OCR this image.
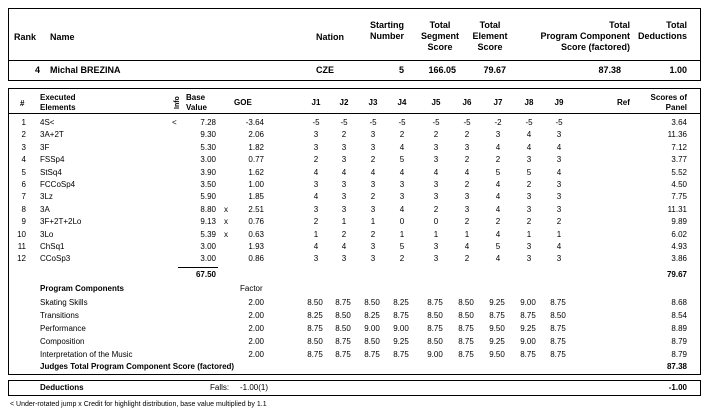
Rank Name	Nation
Starting
Number
Total
Segment
Score
Total
Element
Score
Total
Program Component
Score (factored)
Total
Deductions
4 Michal BREZINA	CZE	5	166.05	79.67	87.38	1.00
#
Executed
Elements	Info Base
Value
GOE	J1	J2	J3	J4	J5	J6	J7	J8	J9	Ref
Scores of
Panel
1 4S<	<	7.28	-3.64	-5	-5	-5	-5	-5	-5	-2	-5	-5	3.64
2 3A+2T	9.30	2.06	3	2	3	2	2	2	3	4	3	11.36
3 3F	5.30	1.82	3	3	3	4	3	3	4	4	4	7.12
4 FSSp4	3.00	0.77	2	3	2	5	3	2	2	3	3	3.77
5 StSq4	3.90	1.62	4	4	4	4	4	4	5	5	4	5.52
6 FCCoSp4	3.50	1.00	3	3	3	3	3	2	4	2	3	4.50
7 3Lz	5.90	1.85	4	3	2	3	3	3	4	3	3	7.75
8 3A	8.80 x	2.51	3	3	3	4	2	3	4	3	3	11.31
9 3F+2T+2Lo	9.13 x	0.76	2	1	1	0	0	2	2	2	2	9.89
10 3Lo	5.39 x	0.63	1	2	2	1	1	1	4	1	1	6.02
11 ChSq1	3.00	1.93	4	4	3	5	3	4	5	3	4	4.93
12 CCoSp3	3.00	0.86	3	3	3	2	3	2	4	3	3	3.86
67.50	79.67
Program Components	Factor
Skating Skills	2.00	8.50	8.75	8.50	8.25	8.75	8.50	9.25	9.00	8.75	8.68
Transitions	2.00	8.25	8.50	8.25	8.75	8.50	8.50	8.75	8.75	8.50	8.54
Performance	2.00	8.75	8.50	9.00	9.00	8.75	8.75	9.50	9.25	8.75	8.89
Composition	2.00	8.50	8.75	8.50	9.25	8.50	8.75	9.25	9.00	8.75	8.79
Interpretation of the Music	2.00	8.75	8.75	8.75	8.75	9.00	8.75	9.50	8.75	8.75	8.79
Judges Total Program Component Score (factored)	87.38
Deductions	Falls: -1.00(1)	-1.00
< Under-rotated jump x Credit for highlight distribution, base value multiplied by 1.1
